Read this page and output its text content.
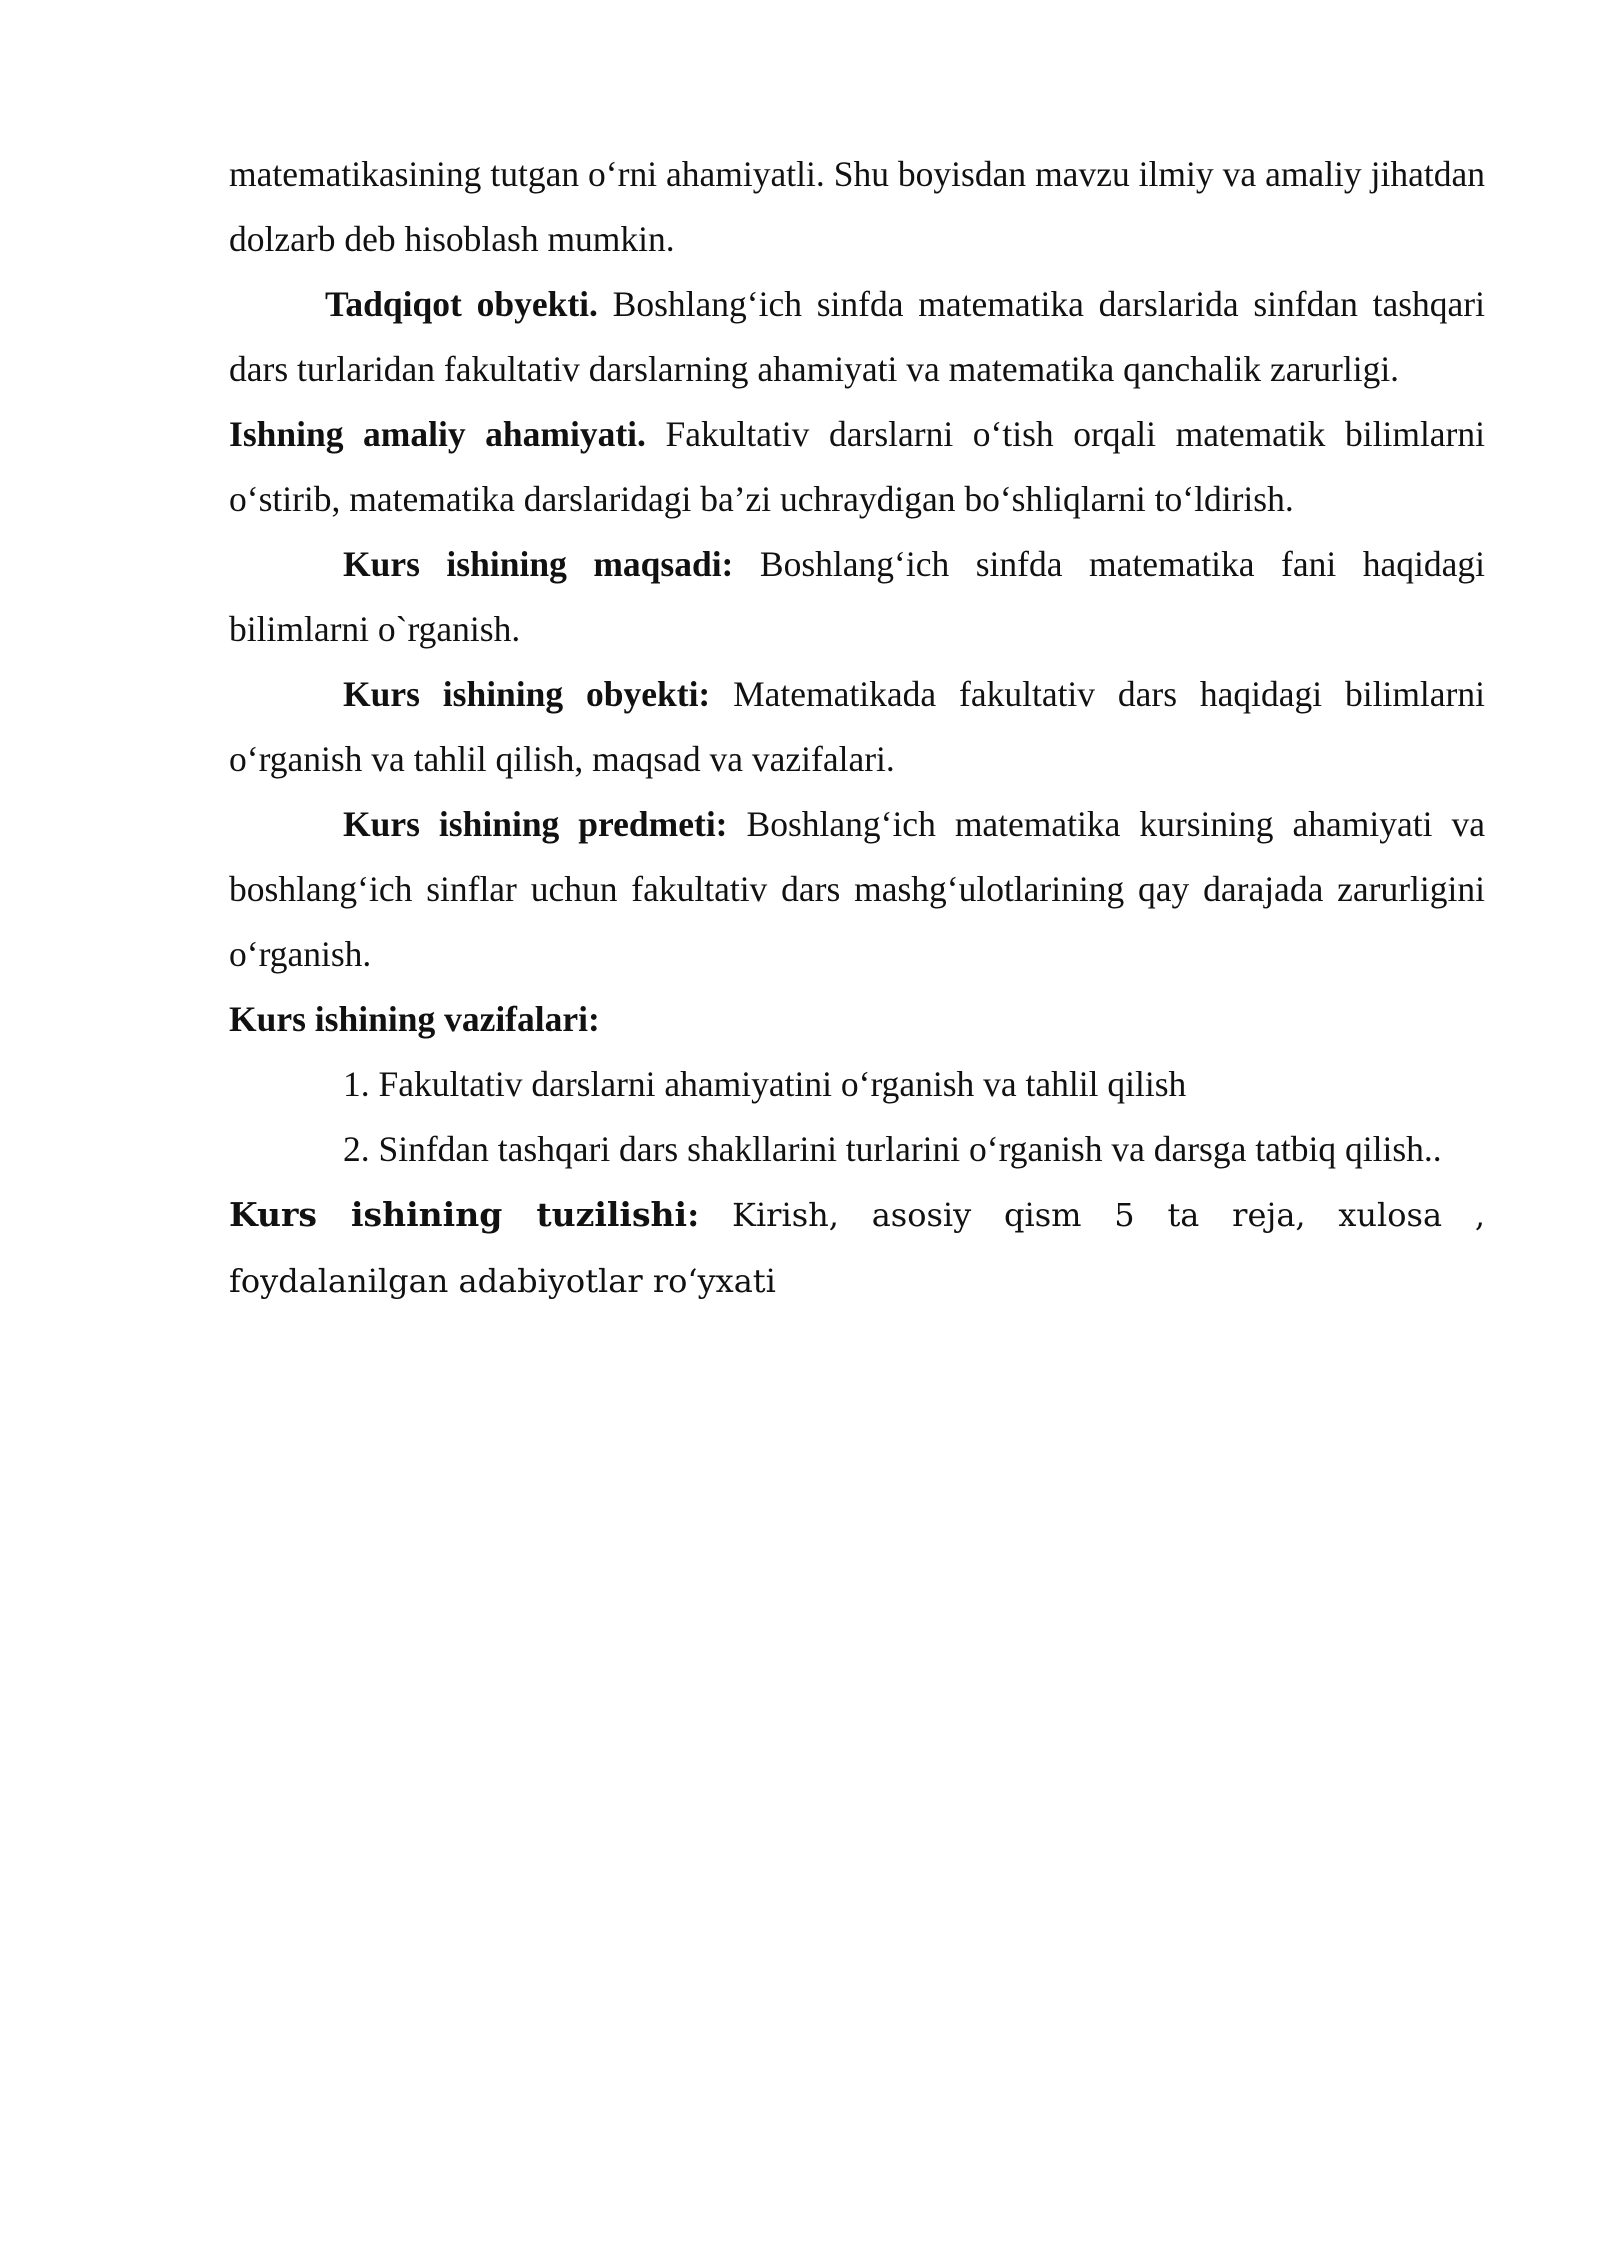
matematikasining tutgan o‘rni ahamiyatli. Shu boyisdan mavzu ilmiy va amaliy jihatdan dolzarb deb hisoblash mumkin.

Tadqiqot obyekti. Boshlang‘ich sinfda matematika darslarida sinfdan tashqari dars turlaridan fakultativ darslarning ahamiyati va matematika qanchalik zarurligi.

Ishning amaliy ahamiyati. Fakultativ darslarni o‘tish orqali matematik bilimlarni o‘stirib, matematika darslaridagi ba’zi uchraydigan bo‘shliqlarni to‘ldirish.

Kurs ishining maqsadi: Boshlang‘ich sinfda matematika fani haqidagi bilimlarni o`rganish.

Kurs ishining obyekti: Matematikada fakultativ dars haqidagi bilimlarni o‘rganish va tahlil qilish, maqsad va vazifalari.

Kurs ishining predmeti: Boshlang‘ich matematika kursining ahamiyati va boshlang‘ich sinflar uchun fakultativ dars mashg‘ulotlarining qay darajada zarurligini o‘rganish.

Kurs ishining vazifalari:

1. Fakultativ darslarni ahamiyatini o‘rganish va tahlil qilish

2. Sinfdan tashqari dars shakllarini turlarini o‘rganish va darsga tatbiq qilish..

Kurs ishining tuzilishi: Kirish, asosiy qism 5 ta reja, xulosa , foydalanilgan adabiyotlar ro‘yxati
